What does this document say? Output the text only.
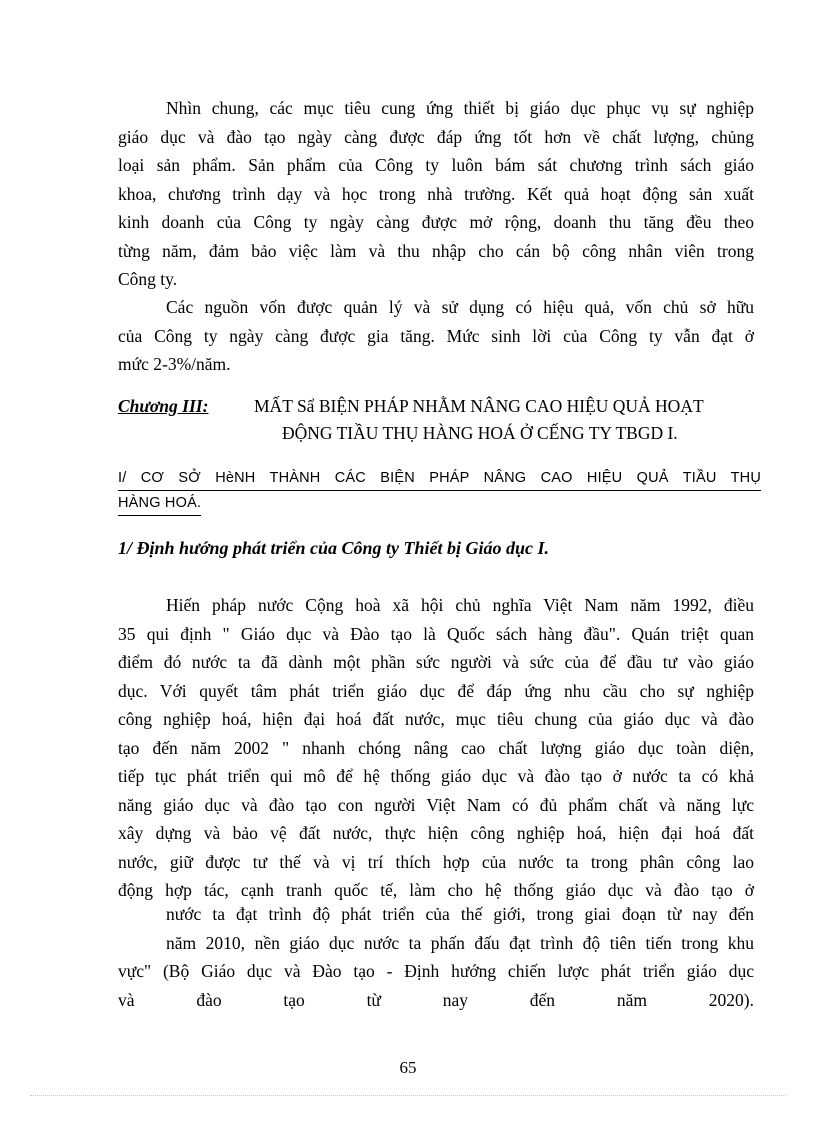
Nhìn chung, các mục tiêu cung ứng thiết bị giáo dục phục vụ sự nghiệp
giáo dục và đào tạo ngày càng được đáp ứng tốt hơn về chất lượng, chủng
loại sản phẩm. Sản phẩm của Công ty luôn bám sát chương trình sách giáo
khoa, chương trình dạy và học trong nhà trường. Kết quả hoạt động sản xuất
kinh doanh của Công ty ngày càng được mở rộng, doanh thu tăng đều theo
từng năm, đảm bảo việc làm và thu nhập cho cán bộ công nhân viên trong
Công ty.
Các nguồn vốn được quản lý và sử dụng có hiệu quả, vốn chủ sở hữu
của Công ty ngày càng được gia tăng. Mức sinh lời của Công ty vẫn đạt ở
mức 2-3%/năm.
Chương III:	MẤT Sẩ BIỆN PHÁP NHẰM NÂNG CAO HIỆU QUẢ HOẠT
ĐỘNG TIẦU THỤ HÀNG HOÁ Ở CẾNG TY TBGD I.
I/ CƠ SỞ HèNH THÀNH CÁC BIỆN PHÁP NÂNG CAO HIỆU QUẢ TIẦU THỤ
HÀNG HOÁ.
1/ Định hướng phát triển của Công ty Thiết bị Giáo dục I.
Hiến pháp nước Cộng hoà xã hội chủ nghĩa Việt Nam năm 1992, điều
35 qui định " Giáo dục và Đào tạo là Quốc sách hàng đầu". Quán triệt quan
điểm đó nước ta đã dành một phần sức người và sức của để đầu tư vào giáo
dục. Với quyết tâm phát triển giáo dục để đáp ứng nhu cầu cho sự nghiệp
công nghiệp hoá, hiện đại hoá đất nước, mục tiêu chung của giáo dục và đào
tạo đến năm 2002 " nhanh chóng nâng cao chất lượng giáo dục toàn diện,
tiếp tục phát triển qui mô để hệ thống giáo dục và đào tạo ở nước ta có khả
năng giáo dục và đào tạo con người Việt Nam có đủ phẩm chất và năng lực
xây dựng và bảo vệ đất nước, thực hiện công nghiệp hoá, hiện đại hoá đất
nước, giữ được tư thế và vị trí thích hợp của nước ta trong phân công lao
động hợp tác, cạnh tranh quốc tế, làm cho hệ thống giáo dục và đào tạo ở
nước ta đạt trình độ phát triển của thế giới, trong giai đoạn từ nay đến
năm 2010, nền giáo dục nước ta phấn đấu đạt trình độ tiên tiến trong khu
vực" (Bộ Giáo dục và Đào tạo - Định hướng chiến lược phát triển giáo dục
và đào tạo từ nay đến năm 2020).
65
